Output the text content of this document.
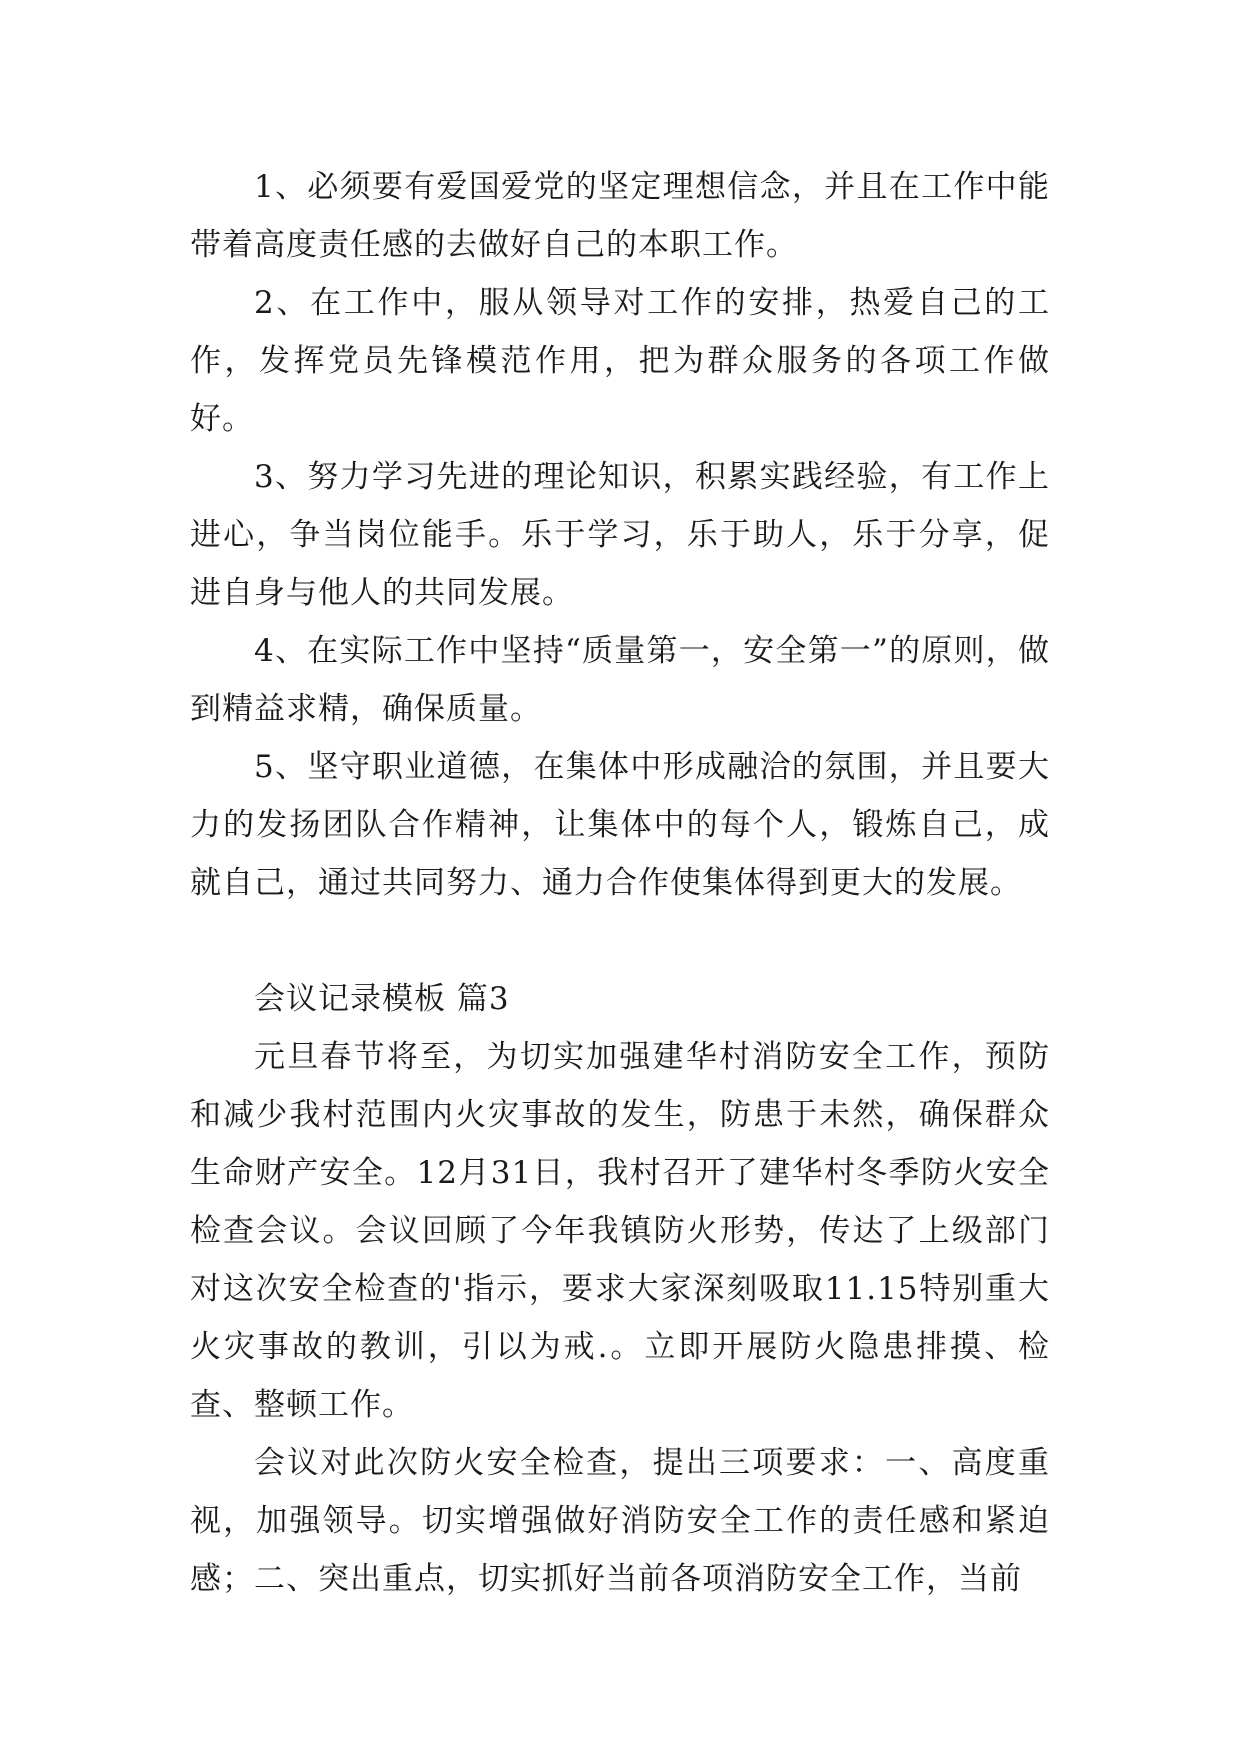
1、必须要有爱国爱党的坚定理想信念，并且在工作中能带着高度责任感的去做好自己的本职工作。

2、在工作中，服从领导对工作的安排，热爱自己的工作，发挥党员先锋模范作用，把为群众服务的各项工作做好。

3、努力学习先进的理论知识，积累实践经验，有工作上进心，争当岗位能手。乐于学习，乐于助人，乐于分享，促进自身与他人的共同发展。

4、在实际工作中坚持“质量第一，安全第一”的原则，做到精益求精，确保质量。

5、坚守职业道德，在集体中形成融洽的氛围，并且要大力的发扬团队合作精神，让集体中的每个人，锻炼自己，成就自己，通过共同努力、通力合作使集体得到更大的发展。

会议记录模板 篇3

元旦春节将至，为切实加强建华村消防安全工作，预防和减少我村范围内火灾事故的发生，防患于未然，确保群众生命财产安全。12月31日，我村召开了建华村冬季防火安全检查会议。会议回顾了今年我镇防火形势，传达了上级部门对这次安全检查的'指示，要求大家深刻吸取11.15特别重大火灾事故的教训，引以为戒.。立即开展防火隐患排摸、检查、整顿工作。

会议对此次防火安全检查，提出三项要求：一、高度重视，加强领导。切实增强做好消防安全工作的责任感和紧迫感；二、突出重点，切实抓好当前各项消防安全工作，当前
